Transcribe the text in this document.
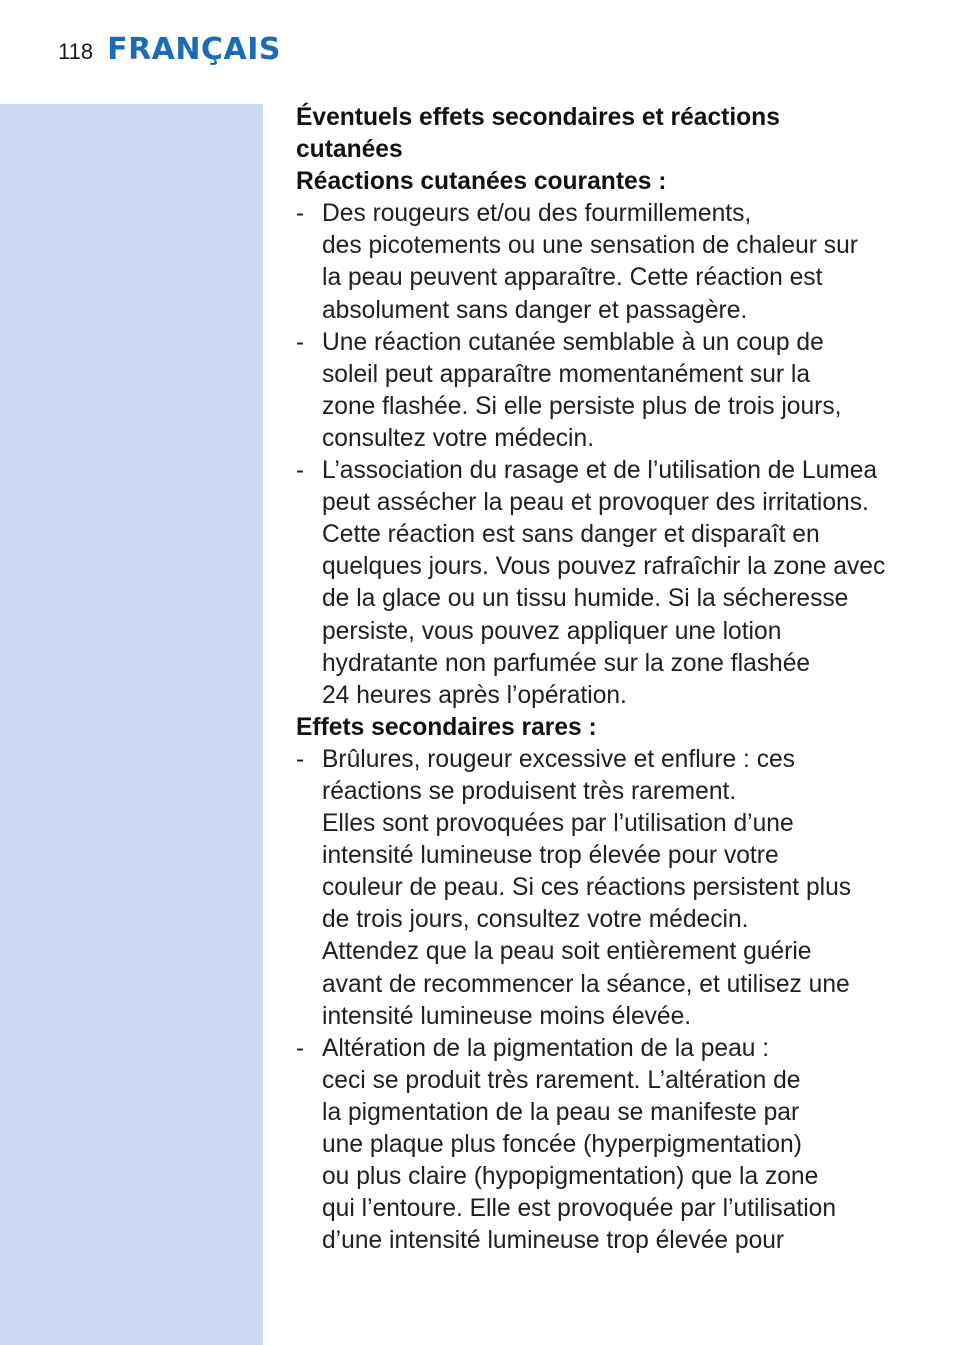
118 FRANÇAIS
Éventuels effets secondaires et réactions
cutanées
Réactions cutanées courantes :
- Des rougeurs et/ou des fourmillements,
des picotements ou une sensation de chaleur sur
la peau peuvent apparaître. Cette réaction est
absolument sans danger et passagère.
- Une réaction cutanée semblable à un coup de
soleil peut apparaître momentanément sur la
zone flashée. Si elle persiste plus de trois jours,
consultez votre médecin.
- L’association du rasage et de l’utilisation de Lumea
peut assécher la peau et provoquer des irritations.
Cette réaction est sans danger et disparaît en
quelques jours. Vous pouvez rafraîchir la zone avec
de la glace ou un tissu humide. Si la sécheresse
persiste, vous pouvez appliquer une lotion
hydratante non parfumée sur la zone flashée
24 heures après l’opération.
Effets secondaires rares :
- Brûlures, rougeur excessive et enflure : ces
réactions se produisent très rarement.
Elles sont provoquées par l’utilisation d’une
intensité lumineuse trop élevée pour votre
couleur de peau. Si ces réactions persistent plus
de trois jours, consultez votre médecin.
Attendez que la peau soit entièrement guérie
avant de recommencer la séance, et utilisez une
intensité lumineuse moins élevée.
- Altération de la pigmentation de la peau :
ceci se produit très rarement. L’altération de
la pigmentation de la peau se manifeste par
une plaque plus foncée (hyperpigmentation)
ou plus claire (hypopigmentation) que la zone
qui l’entoure. Elle est provoquée par l’utilisation
d’une intensité lumineuse trop élevée pour
